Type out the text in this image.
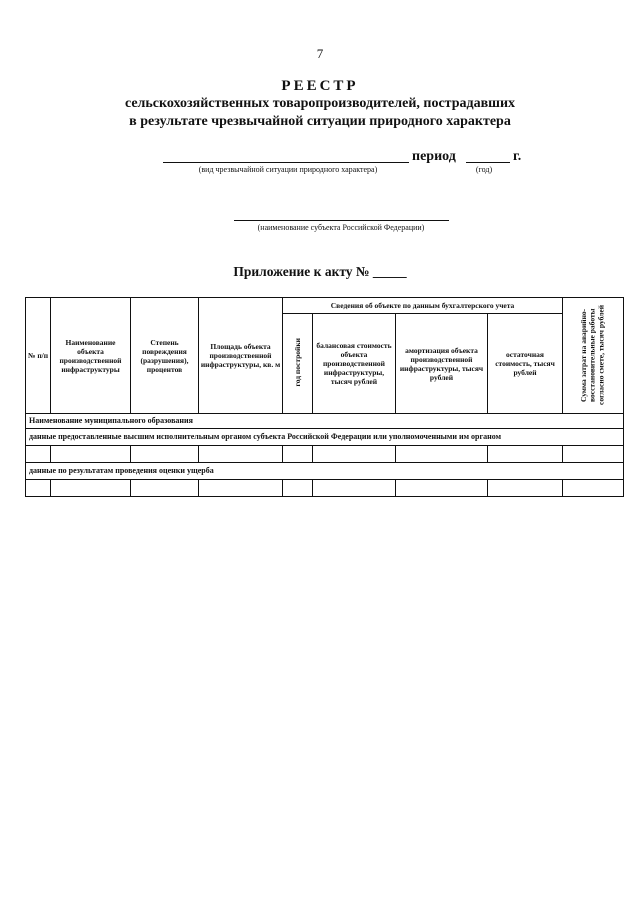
7
РЕЕСТР
сельскохозяйственных товаропроизводителей, пострадавших
в результате чрезвычайной ситуации природного характера
период	г.
(вид чрезвычайной ситуации природного характера)	(год)
(наименование субъекта Российской Федерации)
Приложение к акту № _____
№ п/п	Наименование объекта производственной инфраструктуры	Степень повреждения (разрушения), процентов	Площадь объекта производственной инфраструктуры, кв. м	Сведения об объекте по данным бухгалтерского учета				Сумма затрат на аварийно-восстановительные работы согласно смете, тысяч рублей
				год постройки	балансовая стоимость объекта производственной инфраструктуры, тысяч рублей	амортизация объекта производственной инфраструктуры, тысяч рублей	остаточная стоимость, тысяч рублей	
Наименование муниципального образования								
данные предоставленные высшим исполнительным органом субъекта Российской Федерации или уполномоченными им органом								

данные по результатам проведения оценки ущерба								
